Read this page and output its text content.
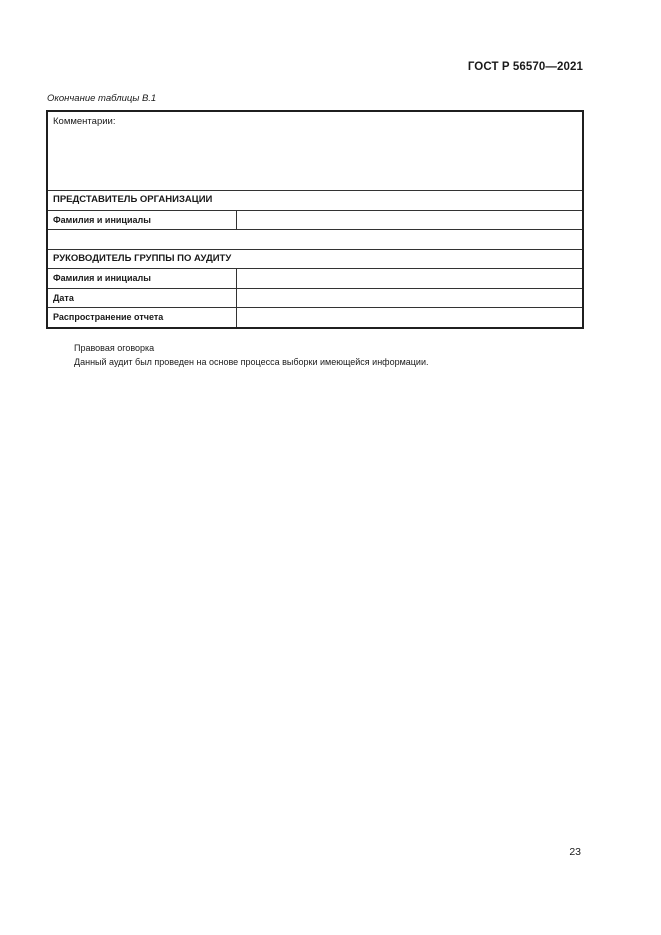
ГОСТ Р 56570—2021
Окончание таблицы В.1
Комментарии:
ПРЕДСТАВИТЕЛЬ ОРГАНИЗАЦИИ
Фамилия и инициалы
РУКОВОДИТЕЛЬ ГРУППЫ ПО АУДИТУ
Фамилия и инициалы
Дата
Распространение отчета
Правовая оговорка
Данный аудит был проведен на основе процесса выборки имеющейся информации.
23
